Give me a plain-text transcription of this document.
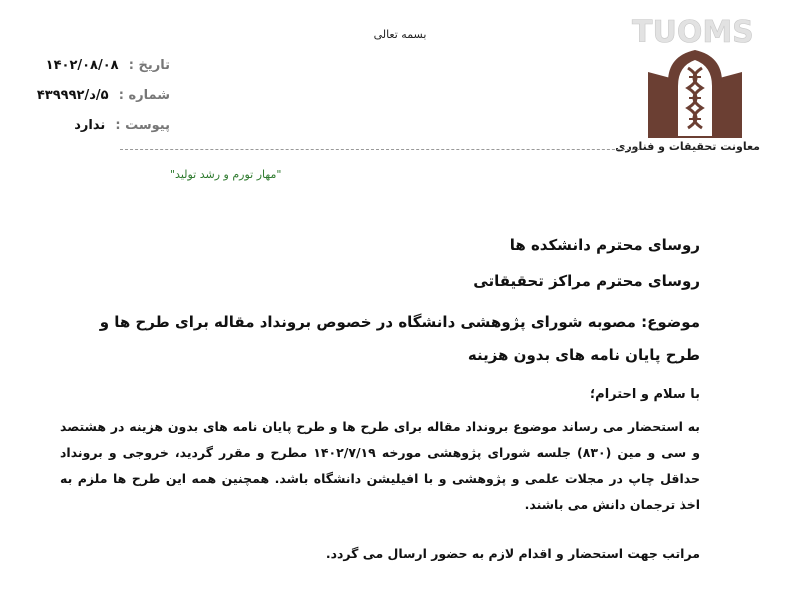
بسمه تعالی
تاریخ : ۱۴۰۲/۰۸/۰۸
شماره : ۵/د/۴۳۹۹۹۲
پیوست : ندارد
TUOMS
معاونت تحقیقات و فناوری
"مهار تورم و رشد تولید"
روسای محترم دانشکده ها
روسای محترم مراکز تحقیقاتی
موضوع: مصوبه شورای پژوهشی دانشگاه در خصوص برونداد مقاله برای طرح ها و طرح پایان نامه های بدون هزینه
با سلام و احترام؛
به استحضار می رساند موضوع برونداد مقاله برای طرح ها و طرح پایان نامه های بدون هزینه در هشتصد و سی و مین (۸۳۰) جلسه شورای پژوهشی مورخه ۱۴۰۲/۷/۱۹ مطرح و مقرر گردید، خروجی و برونداد حداقل چاپ در مجلات علمی و پژوهشی و با افیلیشن دانشگاه باشد. همچنین همه این طرح ها ملزم به اخذ ترجمان دانش می باشند.
مراتب جهت استحضار و اقدام لازم به حضور ارسال می گردد.
